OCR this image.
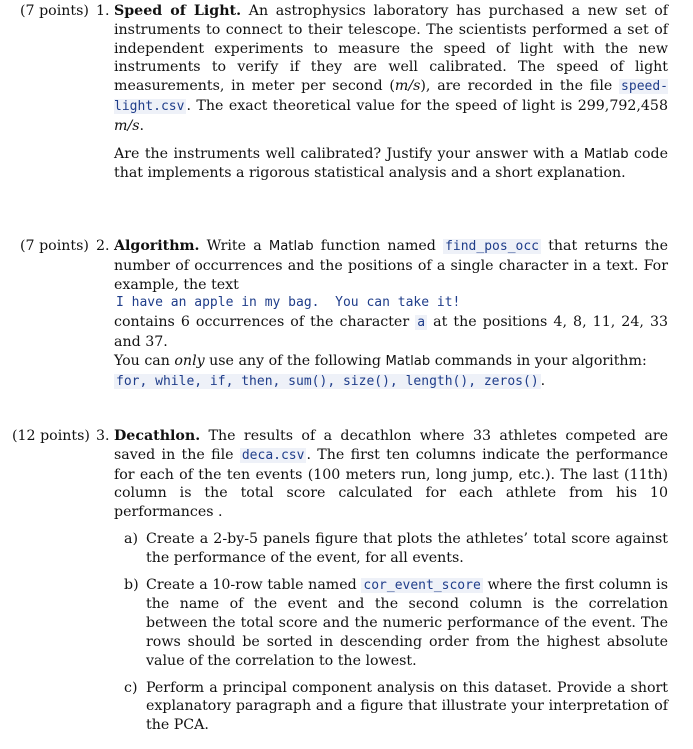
(7 points) 1. Speed of Light. An astrophysics laboratory has purchased a new set of instruments to connect to their telescope. The scientists performed a set of independent experiments to measure the speed of light with the new instruments to verify if they are well calibrated. The speed of light measurements, in meter per second (m/s), are recorded in the file speed-light.csv . The exact theoretical value for the speed of light is 299,792,458 m/s.

Are the instruments well calibrated? Justify your answer with a Matlab code that implements a rigorous statistical analysis and a short explanation.

(7 points) 2. Algorithm. Write a Matlab function named find_pos_occ that returns the number of occurrences and the positions of a single character in a text. For example, the text

I have an apple in my bag.  You can take it!

contains 6 occurrences of the character a at the positions 4, 8, 11, 24, 33 and 37.

You can only use any of the following Matlab commands in your algorithm:

for, while, if, then, sum(), size(), length(), zeros() .

(12 points) 3. Decathlon. The results of a decathlon where 33 athletes competed are saved in the file deca.csv . The first ten columns indicate the performance for each of the ten events (100 meters run, long jump, etc.). The last (11th) column is the total score calculated for each athlete from his 10 performances .

a) Create a 2-by-5 panels figure that plots the athletes’ total score against the performance of the event, for all events.
b) Create a 10-row table named cor_event_score where the first column is the name of the event and the second column is the correlation between the total score and the numeric performance of the event. The rows should be sorted in descending order from the highest absolute value of the correlation to the lowest.
c) Perform a principal component analysis on this dataset. Provide a short explanatory paragraph and a figure that illustrate your interpretation of the PCA.
